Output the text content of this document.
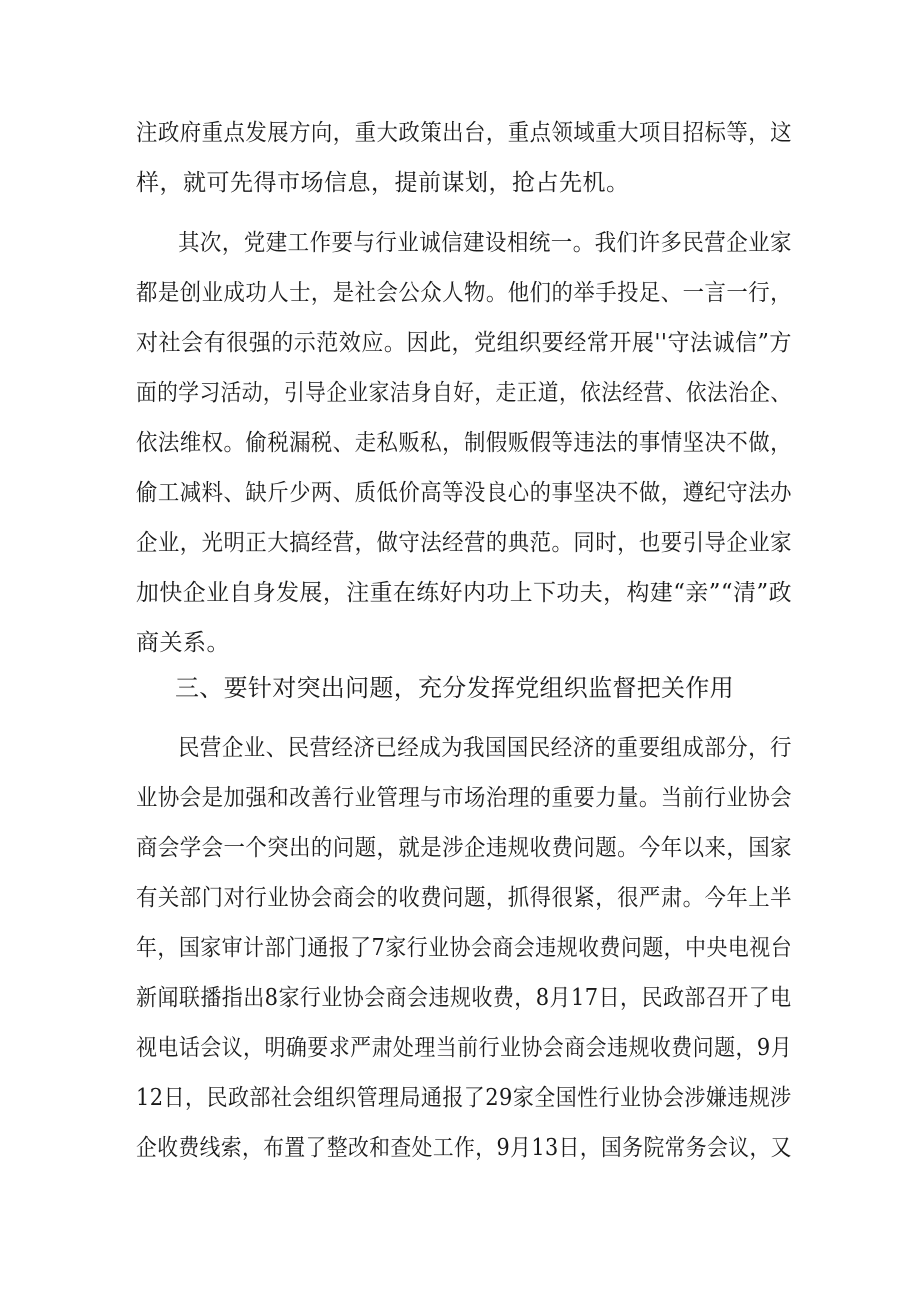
注政府重点发展方向，重大政策出台，重点领域重大项目招标等，这
样，就可先得市场信息，提前谋划，抢占先机。
其次，党建工作要与行业诚信建设相统一。我们许多民营企业家
都是创业成功人士，是社会公众人物。他们的举手投足、一言一行，
对社会有很强的示范效应。因此，党组织要经常开展''守法诚信”方
面的学习活动，引导企业家洁身自好，走正道，依法经营、依法治企、
依法维权。偷税漏税、走私贩私，制假贩假等违法的事情坚决不做，
偷工减料、缺斤少两、质低价高等没良心的事坚决不做，遵纪守法办
企业，光明正大搞经营，做守法经营的典范。同时，也要引导企业家
加快企业自身发展，注重在练好内功上下功夫，构建“亲”“清”政
商关系。
三、要针对突出问题，充分发挥党组织监督把关作用
民营企业、民营经济已经成为我国国民经济的重要组成部分，行
业协会是加强和改善行业管理与市场治理的重要力量。当前行业协会
商会学会一个突出的问题，就是涉企违规收费问题。今年以来，国家
有关部门对行业协会商会的收费问题，抓得很紧，很严肃。今年上半
年，国家审计部门通报了7家行业协会商会违规收费问题，中央电视台
新闻联播指出8家行业协会商会违规收费，8月17日，民政部召开了电
视电话会议，明确要求严肃处理当前行业协会商会违规收费问题，9月
12日，民政部社会组织管理局通报了29家全国性行业协会涉嫌违规涉
企收费线索，布置了整改和查处工作，9月13日，国务院常务会议，又
